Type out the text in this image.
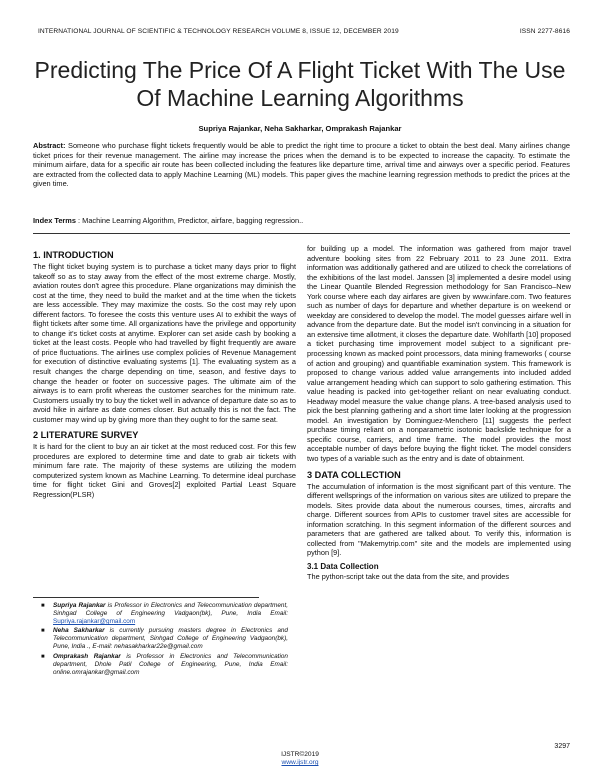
INTERNATIONAL JOURNAL OF SCIENTIFIC & TECHNOLOGY RESEARCH VOLUME 8, ISSUE 12, DECEMBER 2019	ISSN 2277-8616
Predicting The Price Of A Flight Ticket With The Use Of Machine Learning Algorithms
Supriya Rajankar, Neha Sakharkar, Omprakash Rajankar
Abstract: Someone who purchase flight tickets frequently would be able to predict the right time to procure a ticket to obtain the best deal. Many airlines change ticket prices for their revenue management. The airline may increase the prices when the demand is to be expected to increase the capacity. To estimate the minimum airfare, data for a specific air route has been collected including the features like departure time, arrival time and airways over a specific period. Features are extracted from the collected data to apply Machine Learning (ML) models. This paper gives the machine learning regression methods to predict the prices at the given time.
Index Terms : Machine Learning Algorithm, Predictor, airfare, bagging regression..
1. INTRODUCTION

The flight ticket buying system is to purchase a ticket many days prior to flight takeoff so as to stay away from the effect of the most extreme charge. Mostly, aviation routes don't agree this procedure. Plane organizations may diminish the cost at the time, they need to build the market and at the time when the tickets are less accessible. They may maximize the costs. So the cost may rely upon different factors. To foresee the costs this venture uses AI to exhibit the ways of flight tickets after some time. All organizations have the privilege and opportunity to change it's ticket costs at anytime. Explorer can set aside cash by booking a ticket at the least costs. People who had travelled by flight frequently are aware of price fluctuations. The airlines use complex policies of Revenue Management for execution of distinctive evaluating systems [1]. The evaluating system as a result changes the charge depending on time, season, and festive days to change the header or footer on successive pages. The ultimate aim of the airways is to earn profit whereas the customer searches for the minimum rate. Customers usually try to buy the ticket well in advance of departure date so as to avoid hike in airfare as date comes closer. But actually this is not the fact. The customer may wind up by giving more than they ought to for the same seat.

2 LITERATURE SURVEY

It is hard for the client to buy an air ticket at the most reduced cost. For this few procedures are explored to determine time and date to grab air tickets with minimum fare rate. The majority of these systems are utilizing the modern computerized system known as Machine Learning. To determine ideal purchase time for flight ticket Gini and Groves[2] exploited Partial Least Square Regression(PLSR)

for building up a model. The information was gathered from major travel adventure booking sites from 22 February 2011 to 23 June 2011. Extra information was additionally gathered and are utilized to check the correlations of the exhibitions of the last model. Janssen [3] implemented a desire model using the Linear Quantile Blended Regression methodology for San Francisco–New York course where each day airfares are given by www.infare.com. Two features such as number of days for departure and whether departure is on weekend or weekday are considered to develop the model. The model guesses airfare well in advance from the departure date. But the model isn't convincing in a situation for an extensive time allotment, it closes the departure date. Wohlfarth [10] proposed a ticket purchasing time improvement model subject to a significant pre-processing known as macked point processors, data mining frameworks ( course of action and grouping) and quantifiable examination system. This framework is proposed to change various added value arrangements into included added value arrangement heading which can support to solo gathering estimation. This value heading is packed into get-together reliant on near evaluating conduct. Headway model measure the value change plans. A tree-based analysis used to pick the best planning gathering and a short time later looking at the progression model. An investigation by Dominguez-Menchero [11] suggests the perfect purchase timing reliant on a nonparametric isotonic backslide technique for a specific course, carriers, and time frame. The model provides the most acceptable number of days before buying the flight ticket. The model considers two types of a variable such as the entry and is date of obtainment.

3 DATA COLLECTION

The accumulation of information is the most significant part of this venture. The different wellsprings of the information on various sites are utilized to prepare the models. Sites provide data about the numerous courses, times, aircrafts and charge. Different sources from APIs to customer travel sites are accessible for information scratching. In this segment information of the different sources and parameters that are gathered are talked about. To verify this, information is collected from "Makemytrip.com" site and the models are implemented using python [9].

3.1 Data Collection

The python-script take out the data from the site, and provides

■ Supriya Rajankar is Professor in Electronics and Telecommunication department, Sinhgad College of Engineering Vadgaon(bk), Pune, India Email: Supriya.rajankar@gmail.com
■ Neha Sakharkar is currently pursuing masters degree in Electronics and Telecommunication department, Sinhgad College of Engineering Vadgaon(bk), Pune, India ., E-mail: nehasakharkar22e@gmail.com
■ Omprakash Rajankar is Professor in Electronics and Telecommunication department, Dhole Patil College of Engineering, Pune, India Email: online.omrajankar@gmail.com
3297
IJSTR©2019
www.ijstr.org
